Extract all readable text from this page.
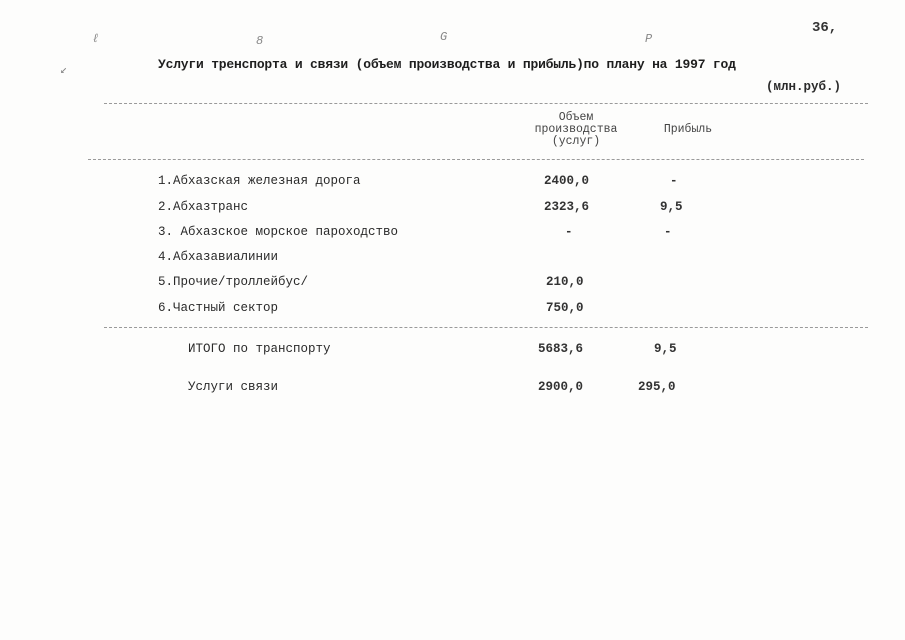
ℓ	8	G	P
↙
36,
Услуги трeнспорта и связи (объем пpоизводства и прибыль)по плану на 1997 год
(млн.руб.)
Объем производства (услуг)
Прибыль
1.Абхазская железная дорога	2400,0	-
2.Абхазтранс	2323,6	9,5
3. Абхазское морское пароходство	-	-
4.Абхазавиалинии
5.Прочие/троллейбус/	210,0
6.Частный сектор	750,0
ИТОГО по транспорту	5683,6	9,5
Услуги связи	2900,0	295,0
